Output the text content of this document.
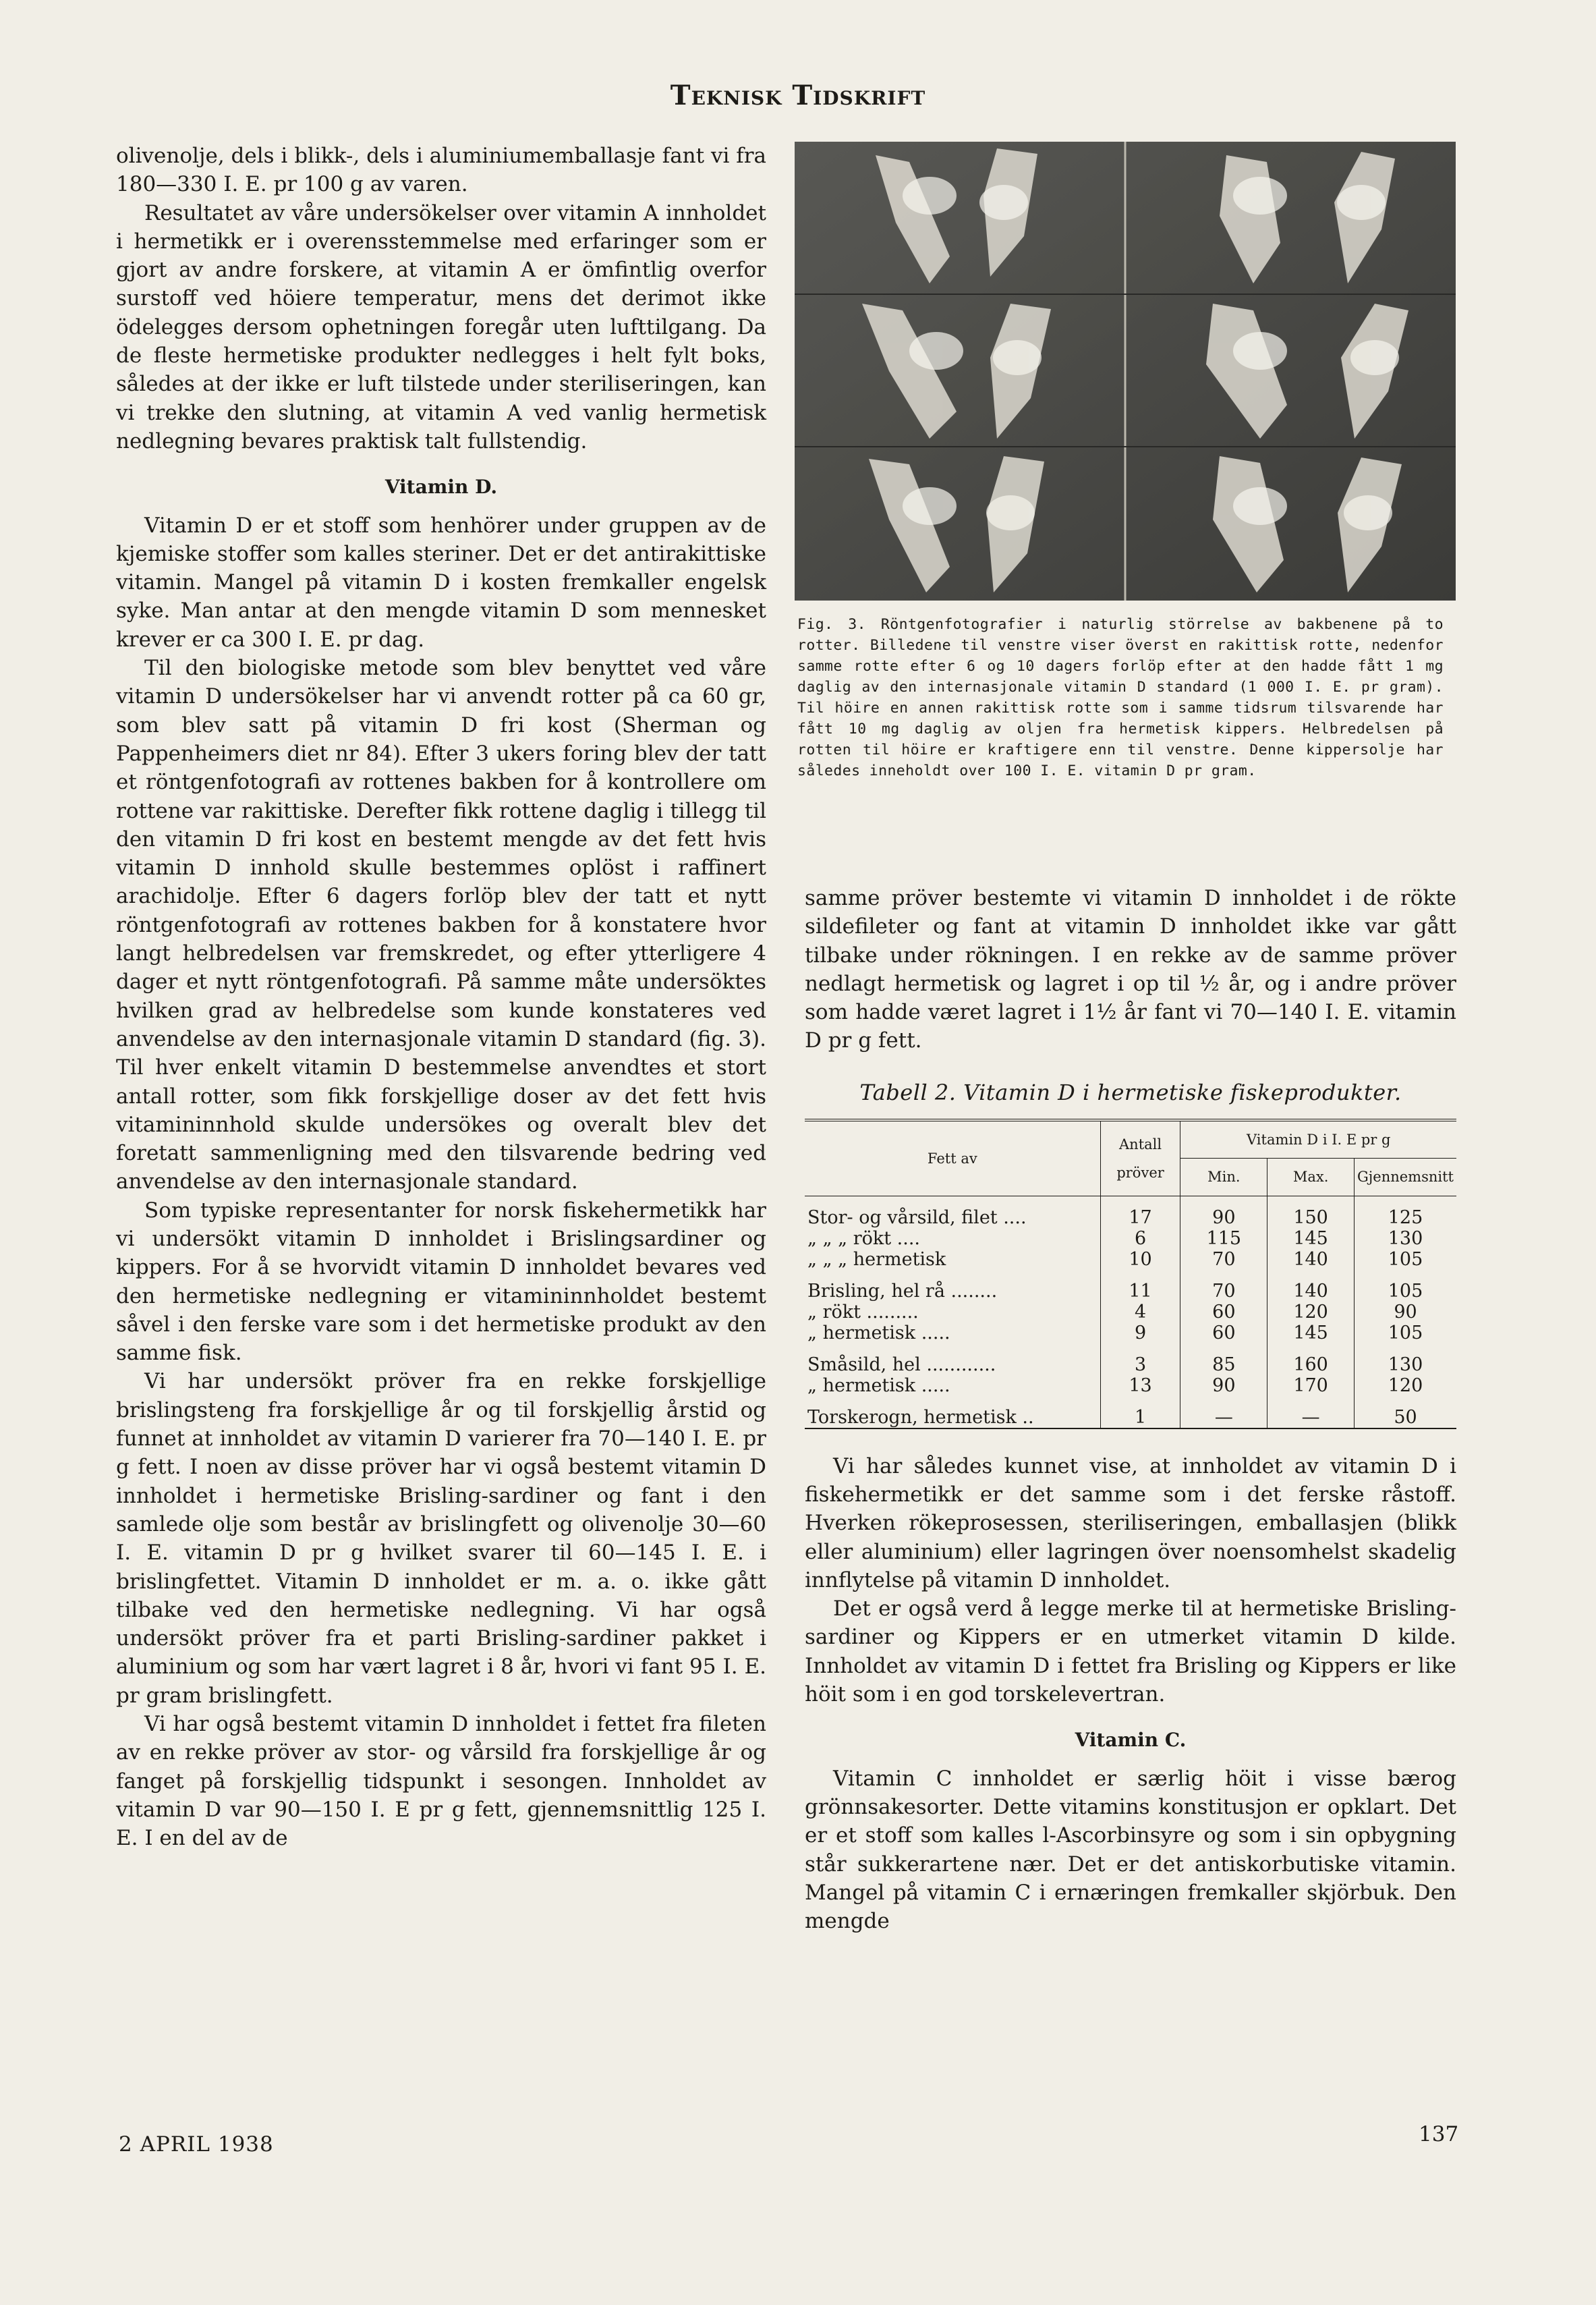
Teknisk Tidskrift

olivenolje, dels i blikk-, dels i aluminiumemballasje fant vi fra 180—330 I. E. pr 100 g av varen.

Resultatet av våre undersökelser over vitamin A innholdet i hermetikk er i overensstemmelse med erfaringer som er gjort av andre forskere, at vitamin A er ömfintlig overfor surstoff ved höiere temperatur, mens det derimot ikke ödelegges dersom ophetningen foregår uten lufttilgang. Da de fleste hermetiske produkter nedlegges i helt fylt boks, således at der ikke er luft tilstede under steriliseringen, kan vi trekke den slutning, at vitamin A ved vanlig hermetisk nedlegning bevares praktisk talt fullstendig.

Vitamin D.

Vitamin D er et stoff som henhörer under gruppen av de kjemiske stoffer som kalles steriner. Det er det antirakittiske vitamin. Mangel på vitamin D i kosten fremkaller engelsk syke. Man antar at den mengde vitamin D som mennesket krever er ca 300 I. E. pr dag.

Til den biologiske metode som blev benyttet ved våre vitamin D undersökelser har vi anvendt rotter på ca 60 gr, som blev satt på vitamin D fri kost (Sherman og Pappenheimers diet nr 84). Efter 3 ukers foring blev der tatt et röntgenfotografi av rottenes bakben for å kontrollere om rottene var rakittiske. Derefter fikk rottene daglig i tillegg til den vitamin D fri kost en bestemt mengde av det fett hvis vitamin D innhold skulle bestemmes oplöst i raffinert arachidolje. Efter 6 dagers forlöp blev der tatt et nytt röntgenfotografi av rottenes bakben for å konstatere hvor langt helbredelsen var fremskredet, og efter ytterligere 4 dager et nytt röntgenfotografi. På samme måte undersöktes hvilken grad av helbredelse som kunde konstateres ved anvendelse av den internasjonale vitamin D standard (fig. 3). Til hver enkelt vitamin D bestemmelse anvendtes et stort antall rotter, som fikk forskjellige doser av det fett hvis vitamininnhold skulde undersökes og overalt blev det foretatt sammenligning med den tilsvarende bedring ved anvendelse av den internasjonale standard.

Som typiske representanter for norsk fiskehermetikk har vi undersökt vitamin D innholdet i Brislingsardiner og kippers. For å se hvorvidt vitamin D innholdet bevares ved den hermetiske nedlegning er vitamininnholdet bestemt såvel i den ferske vare som i det hermetiske produkt av den samme fisk.

Vi har undersökt pröver fra en rekke forskjellige brislingsteng fra forskjellige år og til forskjellig årstid og funnet at innholdet av vitamin D varierer fra 70—140 I. E. pr g fett. I noen av disse pröver har vi også bestemt vitamin D innholdet i hermetiske Brisling-sardiner og fant i den samlede olje som består av brislingfett og olivenolje 30—60 I. E. vitamin D pr g hvilket svarer til 60—145 I. E. i brislingfettet. Vitamin D innholdet er m. a. o. ikke gått tilbake ved den hermetiske nedlegning. Vi har også undersökt pröver fra et parti Brisling-sardiner pakket i aluminium og som har vært lagret i 8 år, hvori vi fant 95 I. E. pr gram brislingfett.

Vi har også bestemt vitamin D innholdet i fettet fra fileten av en rekke pröver av stor- og vårsild fra forskjellige år og fanget på forskjellig tidspunkt i sesongen. Innholdet av vitamin D var 90—150 I. E pr g fett, gjennemsnittlig 125 I. E. I en del av de

Fig. 3. Röntgenfotografier i naturlig störrelse av bakbenene på to rotter. Billedene til venstre viser överst en rakittisk rotte, nedenfor samme rotte efter 6 og 10 dagers forlöp efter at den hadde fått 1 mg daglig av den internasjonale vitamin D standard (1 000 I. E. pr gram). Til höire en annen rakittisk rotte som i samme tidsrum tilsvarende har fått 10 mg daglig av oljen fra hermetisk kippers. Helbredelsen på rotten til höire er kraftigere enn til venstre. Denne kippersolje har således inneholdt over 100 I. E. vitamin D pr gram.

samme pröver bestemte vi vitamin D innholdet i de rökte sildefileter og fant at vitamin D innholdet ikke var gått tilbake under rökningen. I en rekke av de samme pröver nedlagt hermetisk og lagret i op til ½ år, og i andre pröver som hadde været lagret i 1½ år fant vi 70—140 I. E. vitamin D pr g fett.

Tabell 2. Vitamin D i hermetiske fiskeprodukter.
Fett av	Antall pröver	Vitamin D i I. E pr g		
		Min.	Max.	Gjennemsnitt

Stor- og vårsild, filet ....	17	90	150	125
„ „ „ rökt ....	6	115	145	130
„ „ „ hermetisk	10	70	140	105

Brisling, hel rå ........	11	70	140	105
„ rökt .........	4	60	120	90
„ hermetisk .....	9	60	145	105

Småsild, hel ............	3	85	160	130
„ hermetisk .....	13	90	170	120

Torskerogn, hermetisk ..	1	—	—	50

Vi har således kunnet vise, at innholdet av vitamin D i fiskehermetikk er det samme som i det ferske råstoff. Hverken rökeprosessen, steriliseringen, emballasjen (blikk eller aluminium) eller lagringen över noensomhelst skadelig innflytelse på vitamin D innholdet.

Det er også verd å legge merke til at hermetiske Brisling-sardiner og Kippers er en utmerket vitamin D kilde. Innholdet av vitamin D i fettet fra Brisling og Kippers er like höit som i en god torskelevertran.

Vitamin C.

Vitamin C innholdet er særlig höit i visse bærog grönnsakesorter. Dette vitamins konstitusjon er opklart. Det er et stoff som kalles l-Ascorbinsyre og som i sin opbygning står sukkerartene nær. Det er det antiskorbutiske vitamin. Mangel på vitamin C i ernæringen fremkaller skjörbuk. Den mengde

2 APRIL 1938	137
